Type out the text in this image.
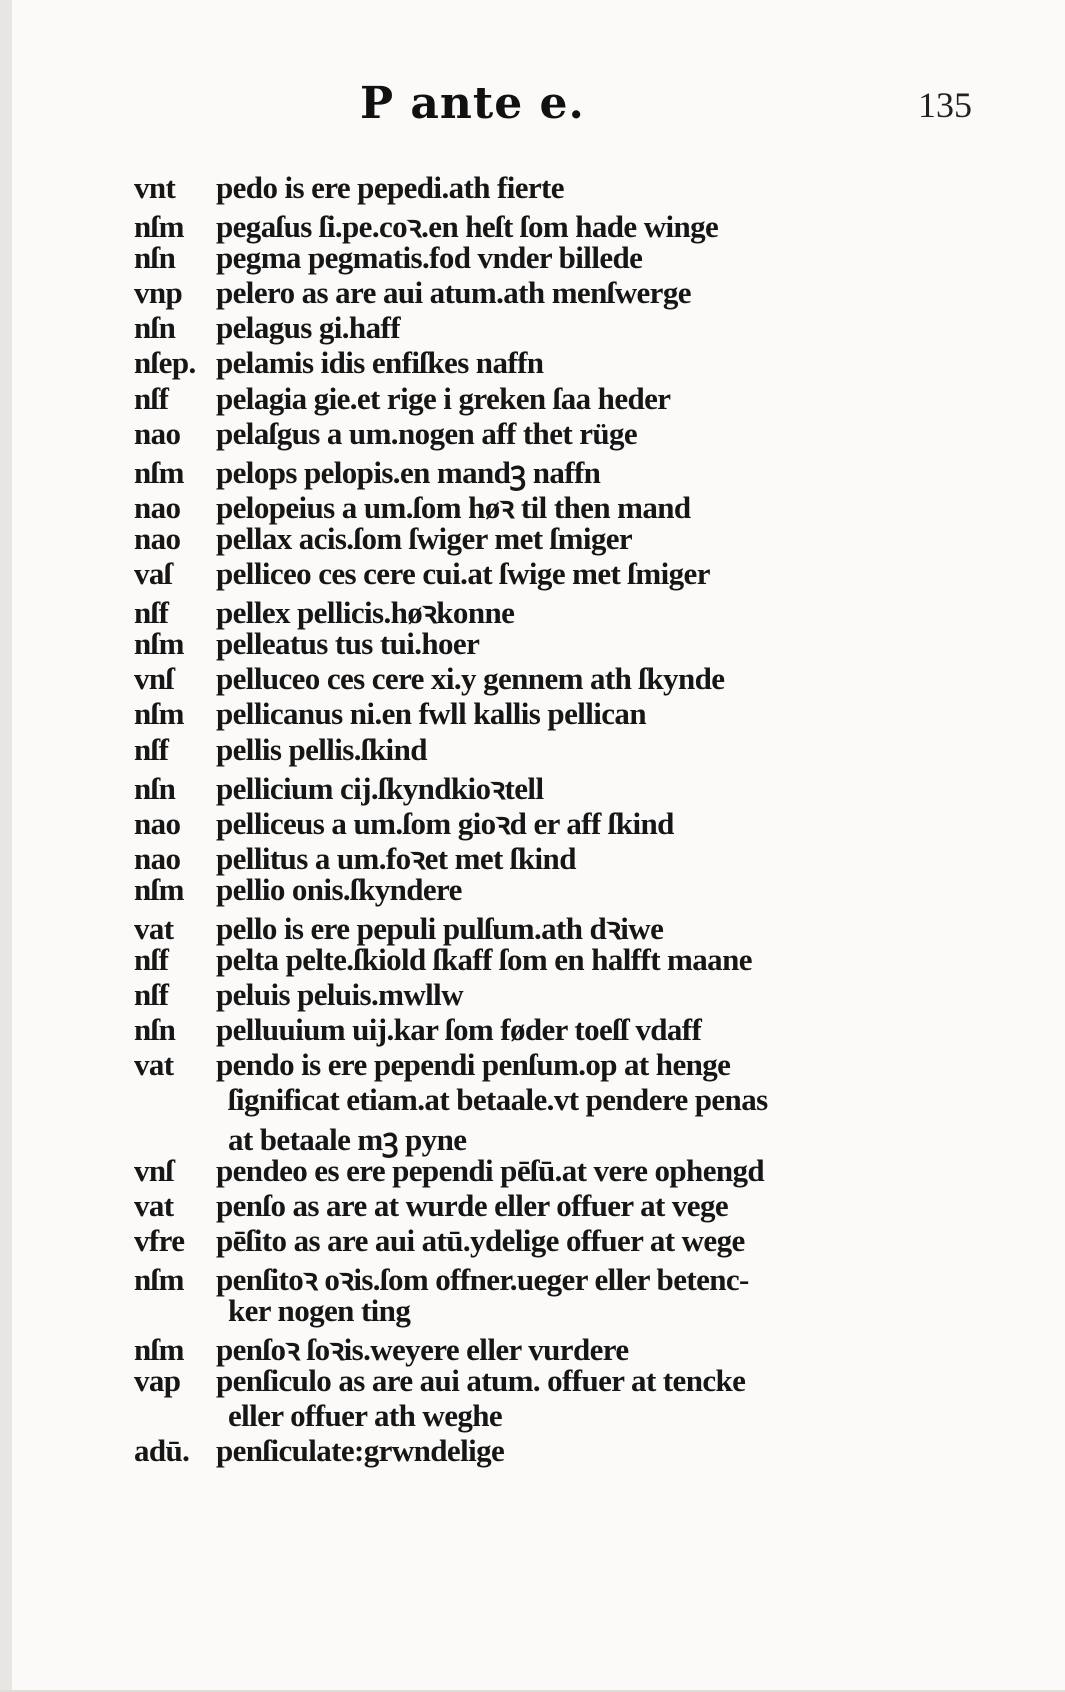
P ante e.	135
vnt	pedo is ere pepedi.ath fierte
nſm	pegaſus ſi.pe.coꝛ.en heſt ſom hade winge
nſn	pegma pegmatis.fod vnder billede
vnp	pelero as are aui atum.ath menſwerge
nſn	pelagus gi.haff
nſep. pelamis idis enfiſkes naffn
nſf	pelagia gie.et rige i greken ſaa heder
nao	pelaſgus a um.nogen aff thet rüge
nſm	pelops pelopis.en mandꝫ naffn
nao	pelopeius a um.ſom høꝛ til then mand
nao	pellax acis.ſom ſwiger met ſmiger
vaſ	pelliceo ces cere cui.at ſwige met ſmiger
nſf	pellex pellicis.høꝛkonne
nſm	pelleatus tus tui.hoer
vnſ	pelluceo ces cere xi.y gennem ath ſkynde
nſm	pellicanus ni.en fwll kallis pellican
nſf	pellis pellis.ſkind
nſn	pellicium cij.ſkyndkioꝛtell
nao	pelliceus a um.ſom gioꝛd er aff ſkind
nao	pellitus a um.foꝛet met ſkind
nſm	pellio onis.ſkyndere
vat	pello is ere pepuli pulſum.ath dꝛiwe
nſf	pelta pelte.ſkiold ſkaff ſom en halfft maane
nſf	peluis peluis.mwllw
nſn	pelluuium uij.kar ſom føder toeſſ vdaff
vat	pendo is ere pependi penſum.op at henge
ſignificat etiam.at betaale.vt pendere penas
at betaale mꝫ pyne
vnſ	pendeo es ere pependi pēſū.at vere ophengd
vat	penſo as are at wurde eller offuer at vege
vfre	pēſito as are aui atū.ydelige offuer at wege
nſm	penſitoꝛ oꝛis.ſom offner.ueger eller betenc-
ker nogen ting
nſm	penſoꝛ ſoꝛis.weyere eller vurdere
vap	penſiculo as are aui atum. offuer at tencke
eller offuer ath weghe
adū. penſiculate:grwndelige
